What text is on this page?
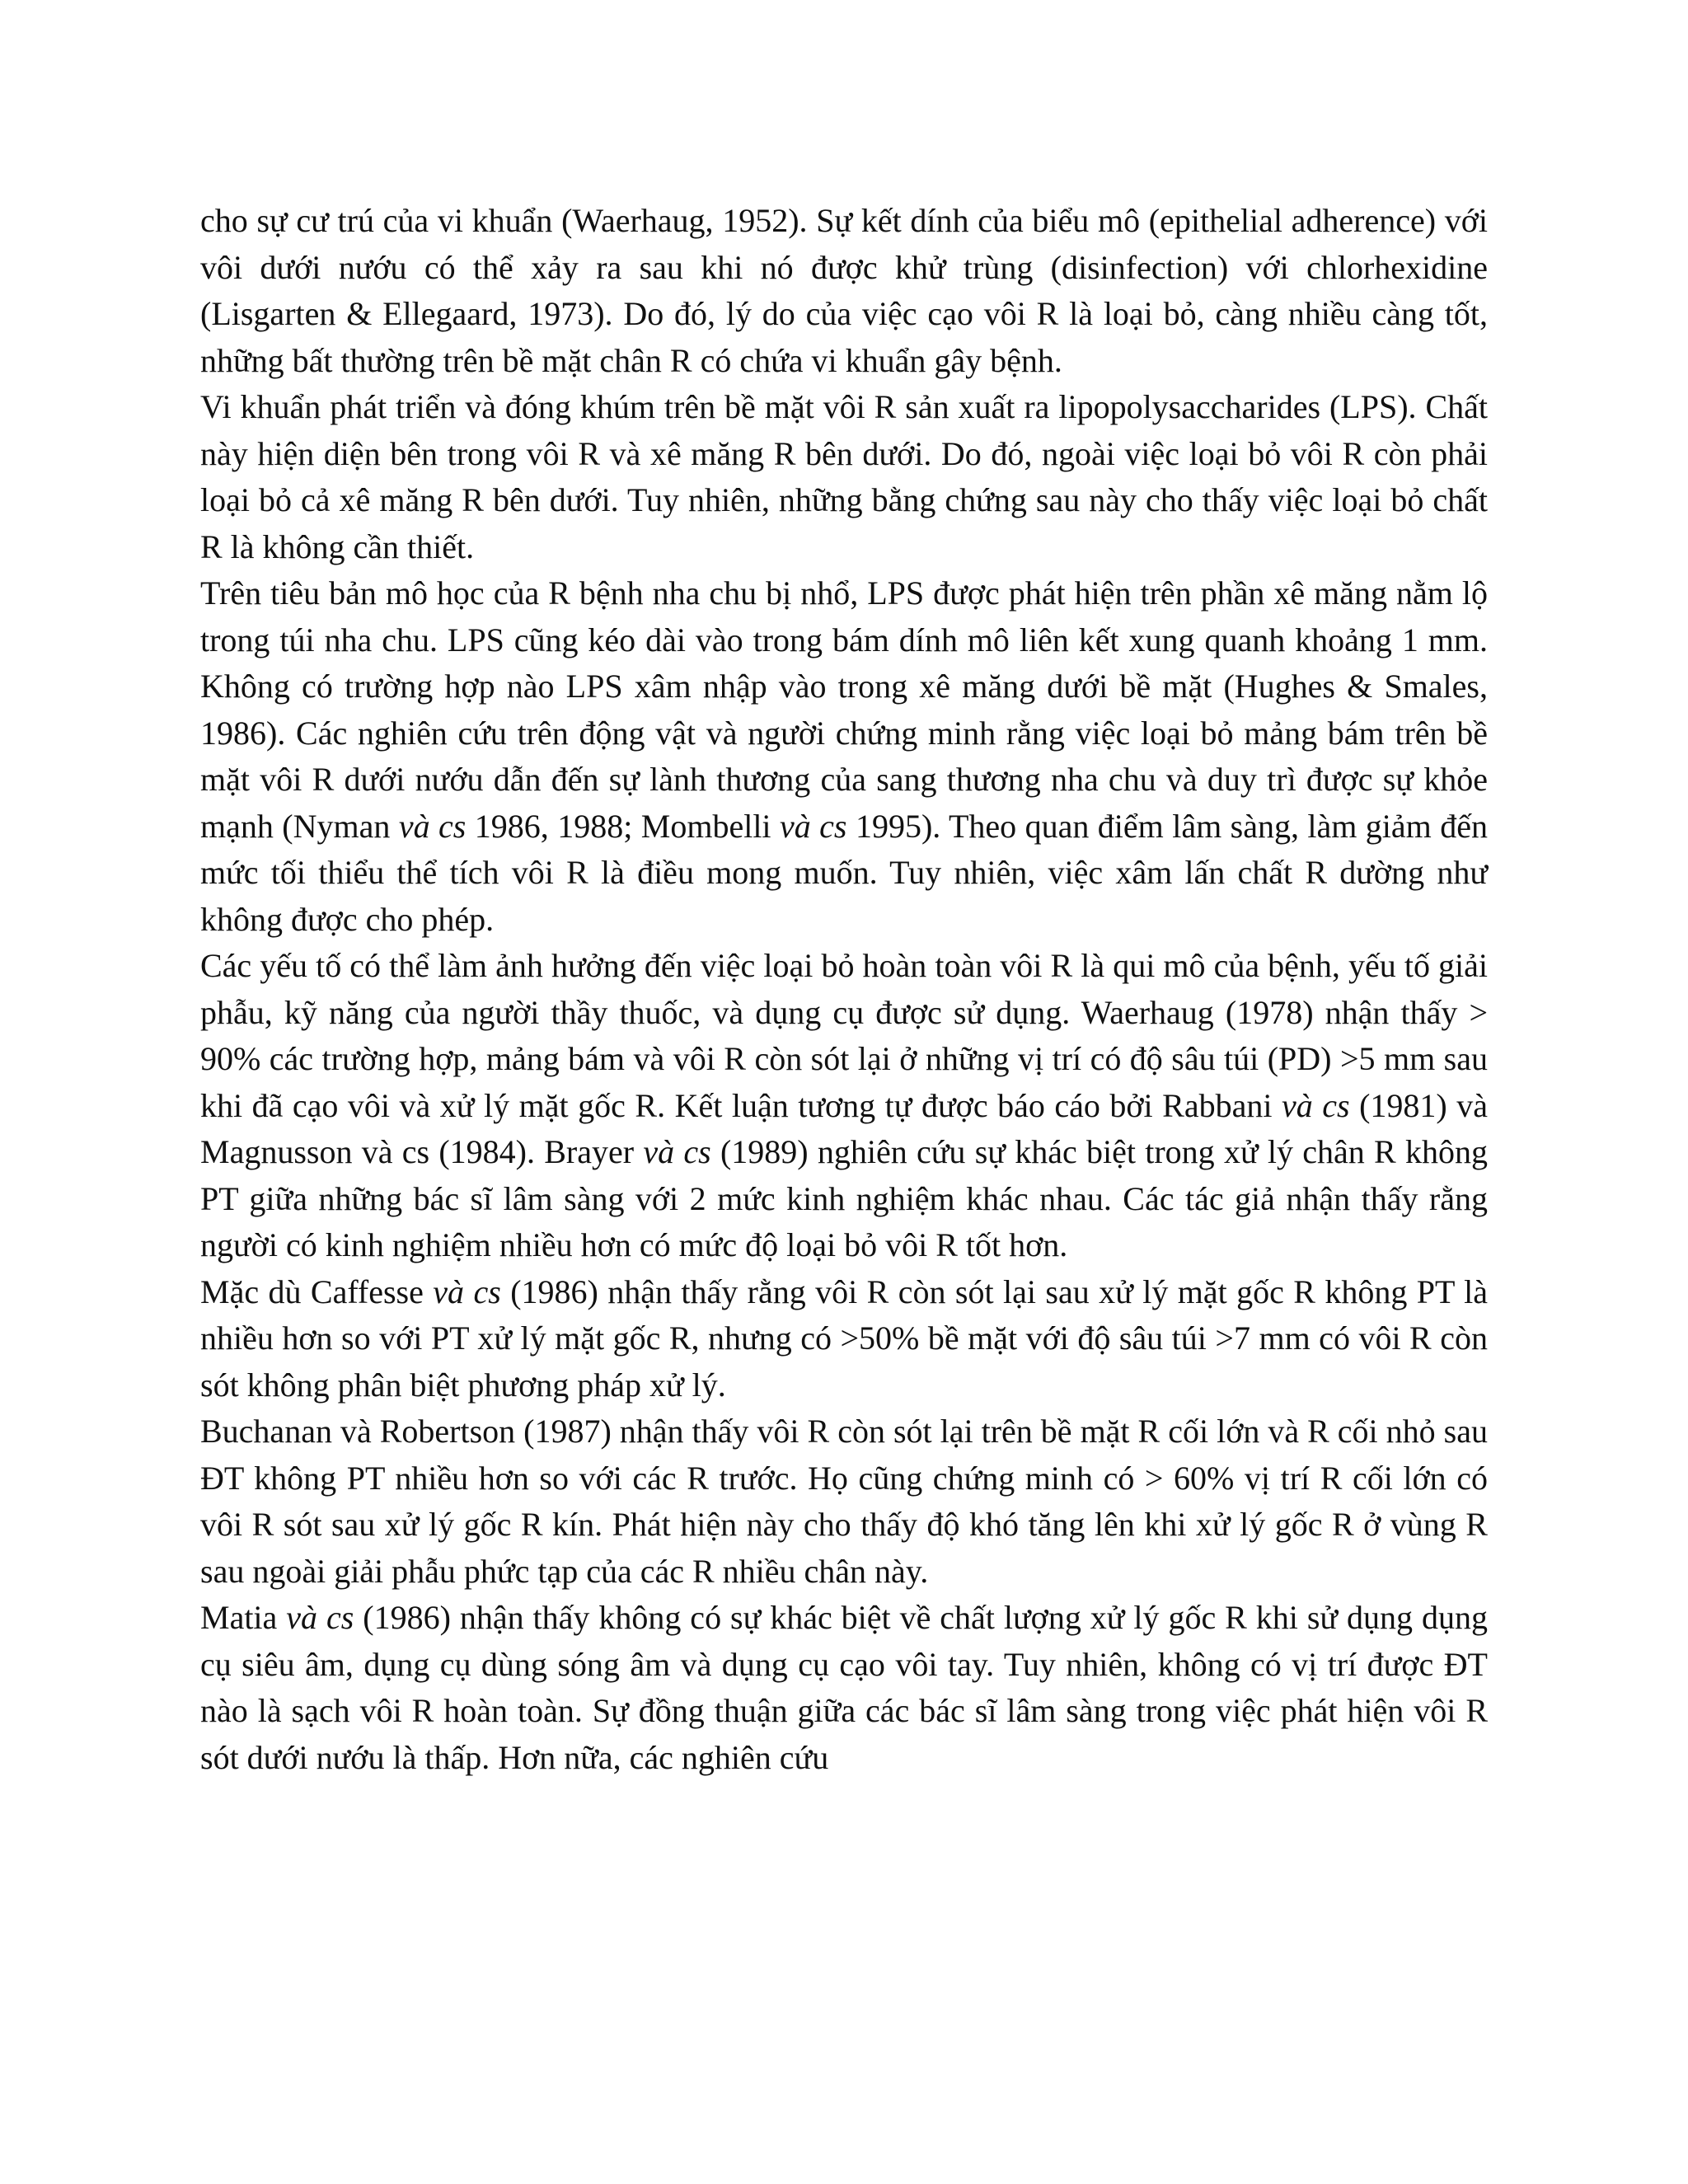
cho sự cư trú của vi khuẩn (Waerhaug, 1952). Sự kết dính của biểu mô (epithelial adherence) với vôi dưới nướu có thể xảy ra sau khi nó được khử trùng (disinfection) với chlorhexidine (Lisgarten & Ellegaard, 1973). Do đó, lý do của việc cạo vôi R là loại bỏ, càng nhiều càng tốt, những bất thường trên bề mặt chân R có chứa vi khuẩn gây bệnh.

Vi khuẩn phát triển và đóng khúm trên bề mặt vôi R sản xuất ra lipopolysaccharides (LPS). Chất này hiện diện bên trong vôi R và xê măng R bên dưới. Do đó, ngoài việc loại bỏ vôi R còn phải loại bỏ cả xê măng R bên dưới. Tuy nhiên, những bằng chứng sau này cho thấy việc loại bỏ chất R là không cần thiết.

Trên tiêu bản mô học của R bệnh nha chu bị nhổ, LPS được phát hiện trên phần xê măng nằm lộ trong túi nha chu. LPS cũng kéo dài vào trong bám dính mô liên kết xung quanh khoảng 1 mm. Không có trường hợp nào LPS xâm nhập vào trong xê măng dưới bề mặt (Hughes & Smales, 1986). Các nghiên cứu trên động vật và người chứng minh rằng việc loại bỏ mảng bám trên bề mặt vôi R dưới nướu dẫn đến sự lành thương của sang thương nha chu và duy trì được sự khỏe mạnh (Nyman và cs 1986, 1988; Mombelli và cs 1995). Theo quan điểm lâm sàng, làm giảm đến mức tối thiểu thể tích vôi R là điều mong muốn. Tuy nhiên, việc xâm lấn chất R dường như không được cho phép.

Các yếu tố có thể làm ảnh hưởng đến việc loại bỏ hoàn toàn vôi R là qui mô của bệnh, yếu tố giải phẫu, kỹ năng của người thầy thuốc, và dụng cụ được sử dụng. Waerhaug (1978) nhận thấy > 90% các trường hợp, mảng bám và vôi R còn sót lại ở những vị trí có độ sâu túi (PD) >5 mm sau khi đã cạo vôi và xử lý mặt gốc R. Kết luận tương tự được báo cáo bởi Rabbani và cs (1981) và Magnusson và cs (1984). Brayer và cs (1989) nghiên cứu sự khác biệt trong xử lý chân R không PT giữa những bác sĩ lâm sàng với 2 mức kinh nghiệm khác nhau. Các tác giả nhận thấy rằng người có kinh nghiệm nhiều hơn có mức độ loại bỏ vôi R tốt hơn.

Mặc dù Caffesse và cs (1986) nhận thấy rằng vôi R còn sót lại sau xử lý mặt gốc R không PT là nhiều hơn so với PT xử lý mặt gốc R, nhưng có >50% bề mặt với độ sâu túi >7 mm có vôi R còn sót không phân biệt phương pháp xử lý.

Buchanan và Robertson (1987) nhận thấy vôi R còn sót lại trên bề mặt R cối lớn và R cối nhỏ sau ĐT không PT nhiều hơn so với các R trước. Họ cũng chứng minh có > 60% vị trí R cối lớn có vôi R sót sau xử lý gốc R kín. Phát hiện này cho thấy độ khó tăng lên khi xử lý gốc R ở vùng R sau ngoài giải phẫu phức tạp của các R nhiều chân này.

Matia và cs (1986) nhận thấy không có sự khác biệt về chất lượng xử lý gốc R khi sử dụng dụng cụ siêu âm, dụng cụ dùng sóng âm và dụng cụ cạo vôi tay. Tuy nhiên, không có vị trí được ĐT nào là sạch vôi R hoàn toàn. Sự đồng thuận giữa các bác sĩ lâm sàng trong việc phát hiện vôi R sót dưới nướu là thấp. Hơn nữa, các nghiên cứu
